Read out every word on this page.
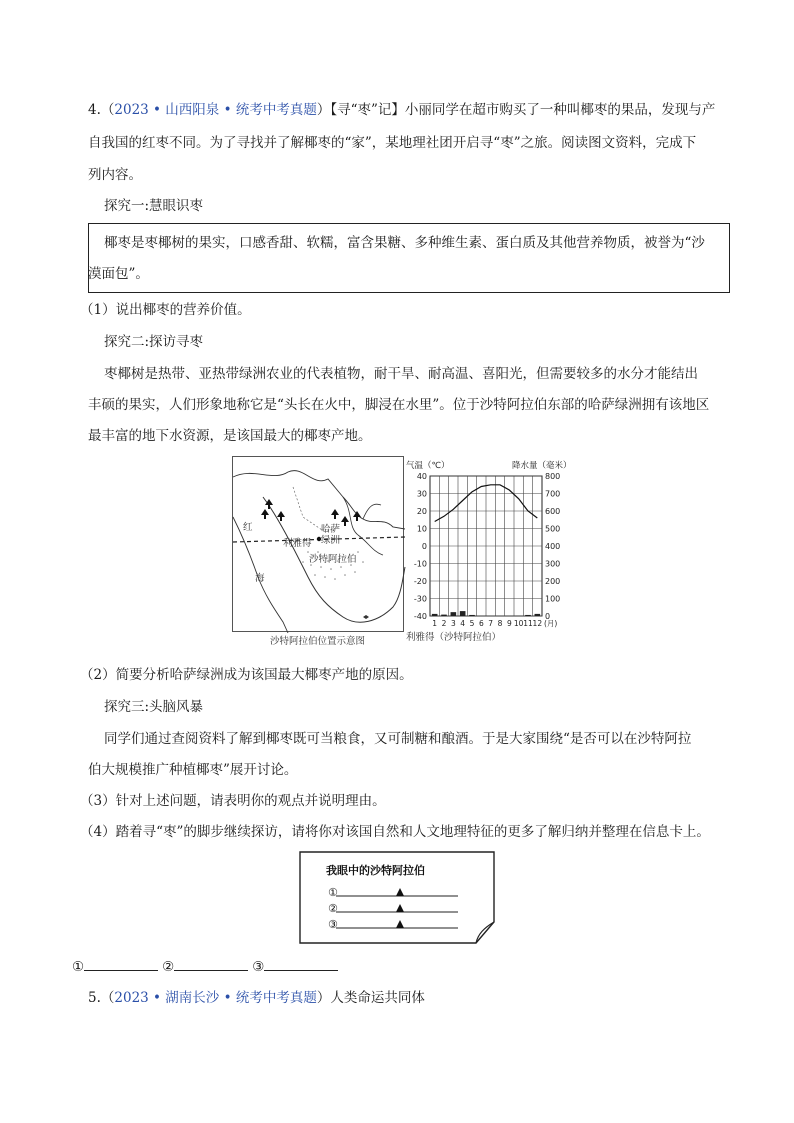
4.（2023 • 山西阳泉 • 统考中考真题）【寻“枣”记】小丽同学在超市购买了一种叫椰枣的果品，发现与产
自我国的红枣不同。为了寻找并了解椰枣的“家”，某地理社团开启寻“枣”之旅。阅读图文资料，完成下
列内容。
探究一:慧眼识枣
椰枣是枣椰树的果实，口感香甜、软糯，富含果糖、多种维生素、蛋白质及其他营养物质，被誉为“沙
漠面包”。
（1）说出椰枣的营养价值。
探究二:探访寻枣
枣椰树是热带、亚热带绿洲农业的代表植物，耐干旱、耐高温、喜阳光，但需要较多的水分才能结出
丰硕的果实，人们形象地称它是“头长在火中，脚浸在水里”。位于沙特阿拉伯东部的哈萨绿洲拥有该地区
最丰富的地下水资源，是该国最大的椰枣产地。
哈萨
绿洲
利雅得
沙特阿拉伯
红
海
沙特阿拉伯位置示意图
40
30
20
10
0
-10
-20
-30
-40
800
700
600
500
400
300
200
100
0
1 2 3 4 5 6 7 8 9 10 11 12 (月)
气温（℃）	降水量（毫米）
利雅得（沙特阿拉伯）
（2）简要分析哈萨绿洲成为该国最大椰枣产地的原因。
探究三:头脑风暴
同学们通过查阅资料了解到椰枣既可当粮食，又可制糖和酿酒。于是大家围绕“是否可以在沙特阿拉
伯大规模推广种植椰枣”展开讨论。
（3）针对上述问题，请表明你的观点并说明理由。
（4）踏着寻“枣”的脚步继续探访，请将你对该国自然和人文地理特征的更多了解归纳并整理在信息卡上。
我眼中的沙特阿拉伯
①
②
③
①	②	③
5.（2023 • 湖南长沙 • 统考中考真题）人类命运共同体
